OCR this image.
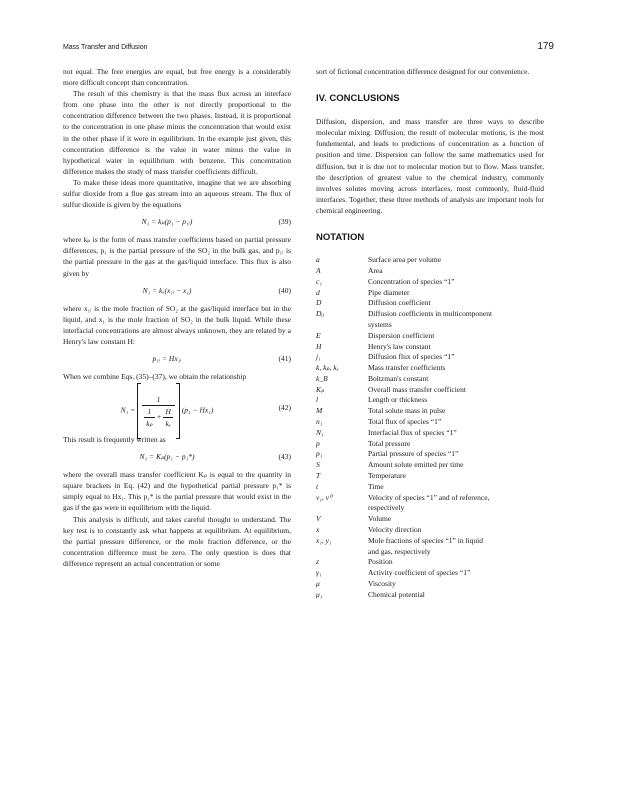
Mass Transfer and Diffusion	179

not equal. The free energies are equal, but free energy is a considerably more difficult concept than concentration.

The result of this chemistry is that the mass flux across an interface from one phase into the other is not directly proportional to the concentration difference between the two phases. Instead, it is proportional to the concentration in one phase minus the concentration that would exist in the other phase if it were in equilibrium. In the example just given, this concentration difference is the value in water minus the value in hypothetical water in equilibrium with benzene. This concentration difference makes the study of mass transfer coefficients difficult.

To make these ideas more quantitative, imagine that we are absorbing sulfur dioxide from a flue gas stream into an aqueous stream. The flux of sulfur dioxide is given by the equations

N₁ = kₚ(p₁ − p₁ᵢ)	(39)

where kₚ is the form of mass transfer coefficients based on partial pressure differences, p₁ is the partial pressure of the SO₂ in the bulk gas, and p₁ᵢ is the partial pressure in the gas at the gas/liquid interface. This flux is also given by

N₁ = kₓ(x₁ᵢ − x₁)	(40)

where x₁ᵢ is the mole fraction of SO₂ at the gas/liquid interface but in the liquid, and x₁ is the mole fraction of SO₂ in the bulk liquid. While these interfacial concentrations are almost always unknown, they are related by a Henry's law constant H:

p₁ᵢ = Hx₁ᵢ	(41)

When we combine Eqs. (35)–(37), we obtain the relationship

N₁ =
1
$\frac{1}{\text{kₚ}} + \frac{H}{\text{kₓ}} (p_1 - Hx_1)$	(42)

This result is frequently written as

N₁ = Kₚ(p₁ − p₁*)	(43)

where the overall mass transfer coefficient Kₚ is equal to the quantity in square brackets in Eq. (42) and the hypothetical partial pressure p₁* is simply equal to Hx₁. This p₁* is the partial pressure that would exist in the gas if the gas were in equilibrium with the liquid.

This analysis is difficult, and takes careful thought to understand. The key test is to constantly ask what happens at equilibrium. At equilibrium, the partial pressure difference, or the mole fraction difference, or the concentration difference must be zero. The only question is does that difference represent an actual concentration or some

sort of fictional concentration difference designed for our convenience.

IV. CONCLUSIONS

Diffusion, dispersion, and mass transfer are three ways to describe molecular mixing. Diffusion, the result of molecular motions, is the most fundemental, and leads to predictions of concentration as a function of position and time. Dispersion can follow the same mathematics used for diffusion, but it is due not to molecular motion but to flow. Mass transfer, the description of greatest value to the chemical industry, commonly involves solutes moving across interfaces, most commonly, fluid-fluid interfaces. Together, these three methods of analysis are important tools for chemical engineering.

NOTATION
a	Surface area per volume
A	Area
c₁	Concentration of species “1”
d	Pipe diameter
D	Diffusion coefficient
Dᵢⱼ	Diffusion coefficients in multicomponent
systems
E	Dispersion coefficient
H	Henry's law constant
j₁	Diffusion flux of species “1”
k, kₚ, kₓ	Mass transfer coefficients
k_B	Boltzman's constant
Kₚ	Overall mass transfer coefficient
l	Length or thickness
M	Total solute mass in pulse
n₁	Total flux of species “1”
N₁	Interfacial flux of species “1”
p	Total pressure
p₁	Partial pressure of species “1”
S	Amount solute emitted per time
T	Temperature
t	Time
v₁, v⁰	Velocity of species “1” and of reference,
respectively
V	Volume
x	Velocity direction
x₁, y₁	Mole fractions of species “1” in liquid
and gas, respectively
z	Position
γ₁	Activity coefficient of species “1”
μ	Viscosity
μ₁	Chemical potential
